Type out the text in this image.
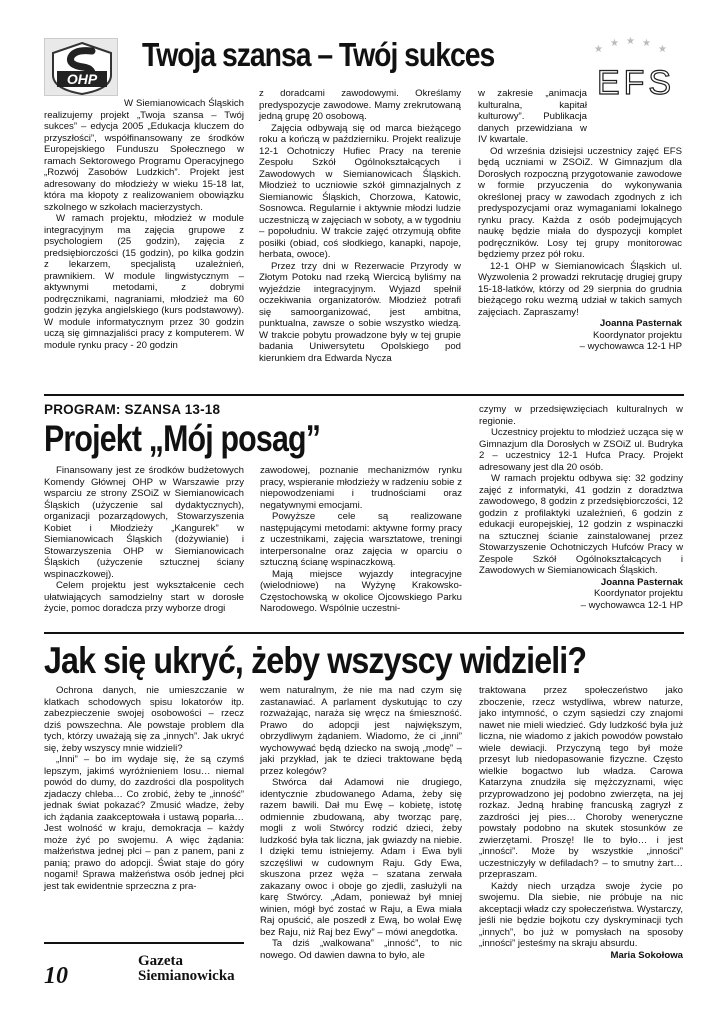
OHP
Twoja szansa – Twój sukces	★
★ ★ ★
★
EFS

W Siemianowicach Śląskich realizujemy projekt „Twoja szansa – Twój sukces” – edycja 2005 „Edukacja kluczem do przyszłości”, współfinansowany ze środków Europejskiego Funduszu Społecznego w ramach Sektorowego Programu Operacyjnego „Rozwój Zasobów Ludzkich”. Projekt jest adresowany do młodzieży w wieku 15-18 lat, która ma kłopoty z realizowaniem obowiązku szkolnego w szkołach macierzystych.

W ramach projektu, młodzież w module integracyjnym ma zajęcia grupowe z psychologiem (25 godzin), zajęcia z predsiębiorczości (15 godzin), po kilka godzin z lekarzem, specjalistą uzależnień, prawnikiem. W module lingwistycznym – aktywnymi metodami, z dobrymi podręcznikami, nagraniami, młodzież ma 60 godzin języka angielskiego (kurs podstawowy). W module informatycznym przez 30 godzin uczą się gimnazjaliści pracy z komputerem. W module rynku pracy - 20 godzin

z doradcami zawodowymi. Określamy predyspozycje zawodowe. Mamy zrekrutowaną jedną grupę 20 osobową.

Zajęcia odbywają się od marca bieżącego roku a kończą w październiku. Projekt realizuje 12-1 Ochotniczy Hufiec Pracy na terenie Zespołu Szkół Ogólnokształcących i Zawodowych w Siemianowicach Śląskich. Młodzież to uczniowie szkół gimnazjalnych z Siemianowic Śląskich, Chorzowa, Katowic, Sosnowca. Regularnie i aktywnie młodzi ludzie uczestniczą w zajęciach w soboty, a w tygodniu – popołudniu. W trakcie zajęć otrzymują obfite posiłki (obiad, coś słodkiego, kanapki, napoje, herbata, owoce).

Przez trzy dni w Rezerwacie Przyrody w Złotym Potoku nad rzeką Wiercicą byliśmy na wyjeździe integracyjnym. Wyjazd spełnił oczekiwania organizatorów. Młodzież potrafi się samoorganizować, jest ambitna, punktualna, zawsze o sobie wszystko wiedzą. W trakcie pobytu prowadzone były w tej grupie badania Uniwersytetu Opolskiego pod kierunkiem dra Edwarda Nycza

w zakresie „animacja kulturalna, kapitał kulturowy”. Publikacja danych przewidziana w IV kwartale.

Od września dzisiejsi uczestnicy zajęć EFS będą uczniami w ZSOiZ. W Gimnazjum dla Dorosłych rozpoczną przygotowanie zawodowe w formie przyuczenia do wykonywania określonej pracy w zawodach zgodnych z ich predyspozycjami oraz wymaganiami lokalnego rynku pracy. Każda z osób podejmujących naukę będzie miała do dyspozycji komplet podręczników. Losy tej grupy monitorowac będziemy przez pół roku.

12-1 OHP w Siemianowicach Śląskich ul. Wyzwolenia 2 prowadzi rekrutację drugiej grupy 15-18-latków, którzy od 29 sierpnia do grudnia bieżącego roku wezmą udział w takich samych zajęciach. Zapraszamy!

Joanna Pasternak
Koordynator projektu
– wychowawca 12-1 HP
PROGRAM: SZANSA 13-18
Projekt „Mój posag”

Finansowany jest ze środków budżetowych Komendy Głównej OHP w Warszawie przy wsparciu ze strony ZSOiZ w Siemianowicach Śląskich (użyczenie sal dydaktycznych), organizacji pozarządowych, Stowarzyszenia Kobiet i Młodzieży „Kangurek” w Siemianowicach Śląskich (dożywianie) i Stowarzyszenia OHP w Siemianowicach Śląskich (użyczenie sztucznej ściany wspinaczkowej).

Celem projektu jest wykształcenie cech ułatwiających samodzielny start w dorosłe życie, pomoc doradcza przy wyborze drogi

zawodowej, poznanie mechanizmów rynku pracy, wspieranie młodzieży w radzeniu sobie z niepowodzeniami i trudnościami oraz negatywnymi emocjami.

Powyższe cele są realizowane następującymi metodami: aktywne formy pracy z uczestnikami, zajęcia warsztatowe, treningi interpersonalne oraz zajęcia w oparciu o sztuczną ścianę wspinaczkową.

Mają miejsce wyjazdy integracyjne (wielodniowe) na Wyżynę Krakowsko-Częstochowską w okolice Ojcowskiego Parku Narodowego. Wspólnie uczestni-

czymy w przedsięwzięciach kulturalnych w regionie.

Uczestnicy projektu to młodzież ucząca się w Gimnazjum dla Dorosłych w ZSOiZ ul. Budryka 2 – uczestnicy 12-1 Hufca Pracy. Projekt adresowany jest dla 20 osób.

W ramach projektu odbywa się: 32 godziny zajęć z informatyki, 41 godzin z doradztwa zawodowego, 8 godzin z przedsiębiorczości, 12 godzin z profilaktyki uzależnień, 6 godzin z edukacji europejskiej, 12 godzin z wspinaczki na sztucznej ścianie zainstalowanej przez Stowarzyszenie Ochotniczych Hufców Pracy w Zespole Szkół Ogólnokształcących i Zawodowych w Siemianowicach Śląskich.

Joanna Pasternak
Koordynator projektu
– wychowawca 12-1 HP
Jak się ukryć, żeby wszyscy widzieli?

Ochrona danych, nie umieszczanie w klatkach schodowych spisu lokatorów itp. zabezpieczenie swojej osobowości – rzecz dziś powszechna. Ale powstaje problem dla tych, którzy uważają się za „innych”. Jak ukryć się, żeby wszyscy mnie widzieli?

„Inni” – bo im wydaje się, że są czymś lepszym, jakimś wyróżnieniem losu… niemal powód do dumy, do zazdrości dla pospolitych zjadaczy chleba… Co zrobić, żeby te „inność” jednak świat pokazać? Zmusić władze, żeby ich żądania zaakceptowała i ustawą poparła… Jest wolność w kraju, demokracja – każdy może żyć po swojemu. A więc żądania: małżeństwa jednej płci – pan z panem, pani z panią; prawo do adopcji. Świat staje do góry nogami! Sprawa małżeństwa osób jednej płci jest tak ewidentnie sprzeczna z pra-

wem naturalnym, że nie ma nad czym się zastanawiać. A parlament dyskutując to czy rozważając, naraża się wręcz na śmieszność. Prawo do adopcji jest największym, obrzydliwym żądaniem. Wiadomo, że ci „inni” wychowywać będą dziecko na swoją „modę” – jaki przykład, jak te dzieci traktowane będą przez kolegów?

Stwórca dał Adamowi nie drugiego, identycznie zbudowanego Adama, żeby się razem bawili. Dał mu Ewę – kobietę, istotę odmiennie zbudowaną, aby tworząc parę, mogli z woli Stwórcy rodzić dzieci, żeby ludzkość była tak liczna, jak gwiazdy na niebie. I dzięki temu istniejemy. Adam i Ewa byli szczęśliwi w cudownym Raju. Gdy Ewa, skuszona przez węża – szatana zerwała zakazany owoc i oboje go zjedli, zasłużyli na karę Stwórcy. „Adam, ponieważ był mniej winien, mógł być zostać w Raju, a Ewa miała Raj opuścić, ale poszedł z Ewą, bo wolał Ewę bez Raju, niż Raj bez Ewy” – mówi anegdotka.

Ta dziś „walkowana” „inność”, to nic nowego. Od dawien dawna to było, ale

traktowana przez społeczeństwo jako zboczenie, rzecz wstydliwa, wbrew naturze, jako intymność, o czym sąsiedzi czy znajomi nawet nie mieli wiedzieć. Gdy ludzkość była już liczna, nie wiadomo z jakich powodów powstało wiele dewiacji. Przyczyną tego był może przesyt lub niedopasowanie fizyczne. Często wielkie bogactwo lub władza. Carowa Katarzyna znudziła się mężczyznami, więc przyprowadzono jej podobno zwierzęta, na jej rozkaz. Jedną hrabinę francuską zagryzł z zazdrości jej pies… Choroby weneryczne powstały podobno na skutek stosunków ze zwierzętami. Proszę! Ile to było… i jest „inności”. Może by wszystkie „inności” uczestniczyły w defiladach? – to smutny żart… przepraszam.

Każdy niech urządza swoje życie po swojemu. Dla siebie, nie próbuje na nic akceptacji władz czy społeczeństwa. Wystarczy, jeśli nie będzie bojkotu czy dyskryminacji tych „innych”, bo już w pomysłach na sposoby „inności” jesteśmy na skraju absurdu.

Maria Sokołowa
10
Gazeta
Siemianowicka
